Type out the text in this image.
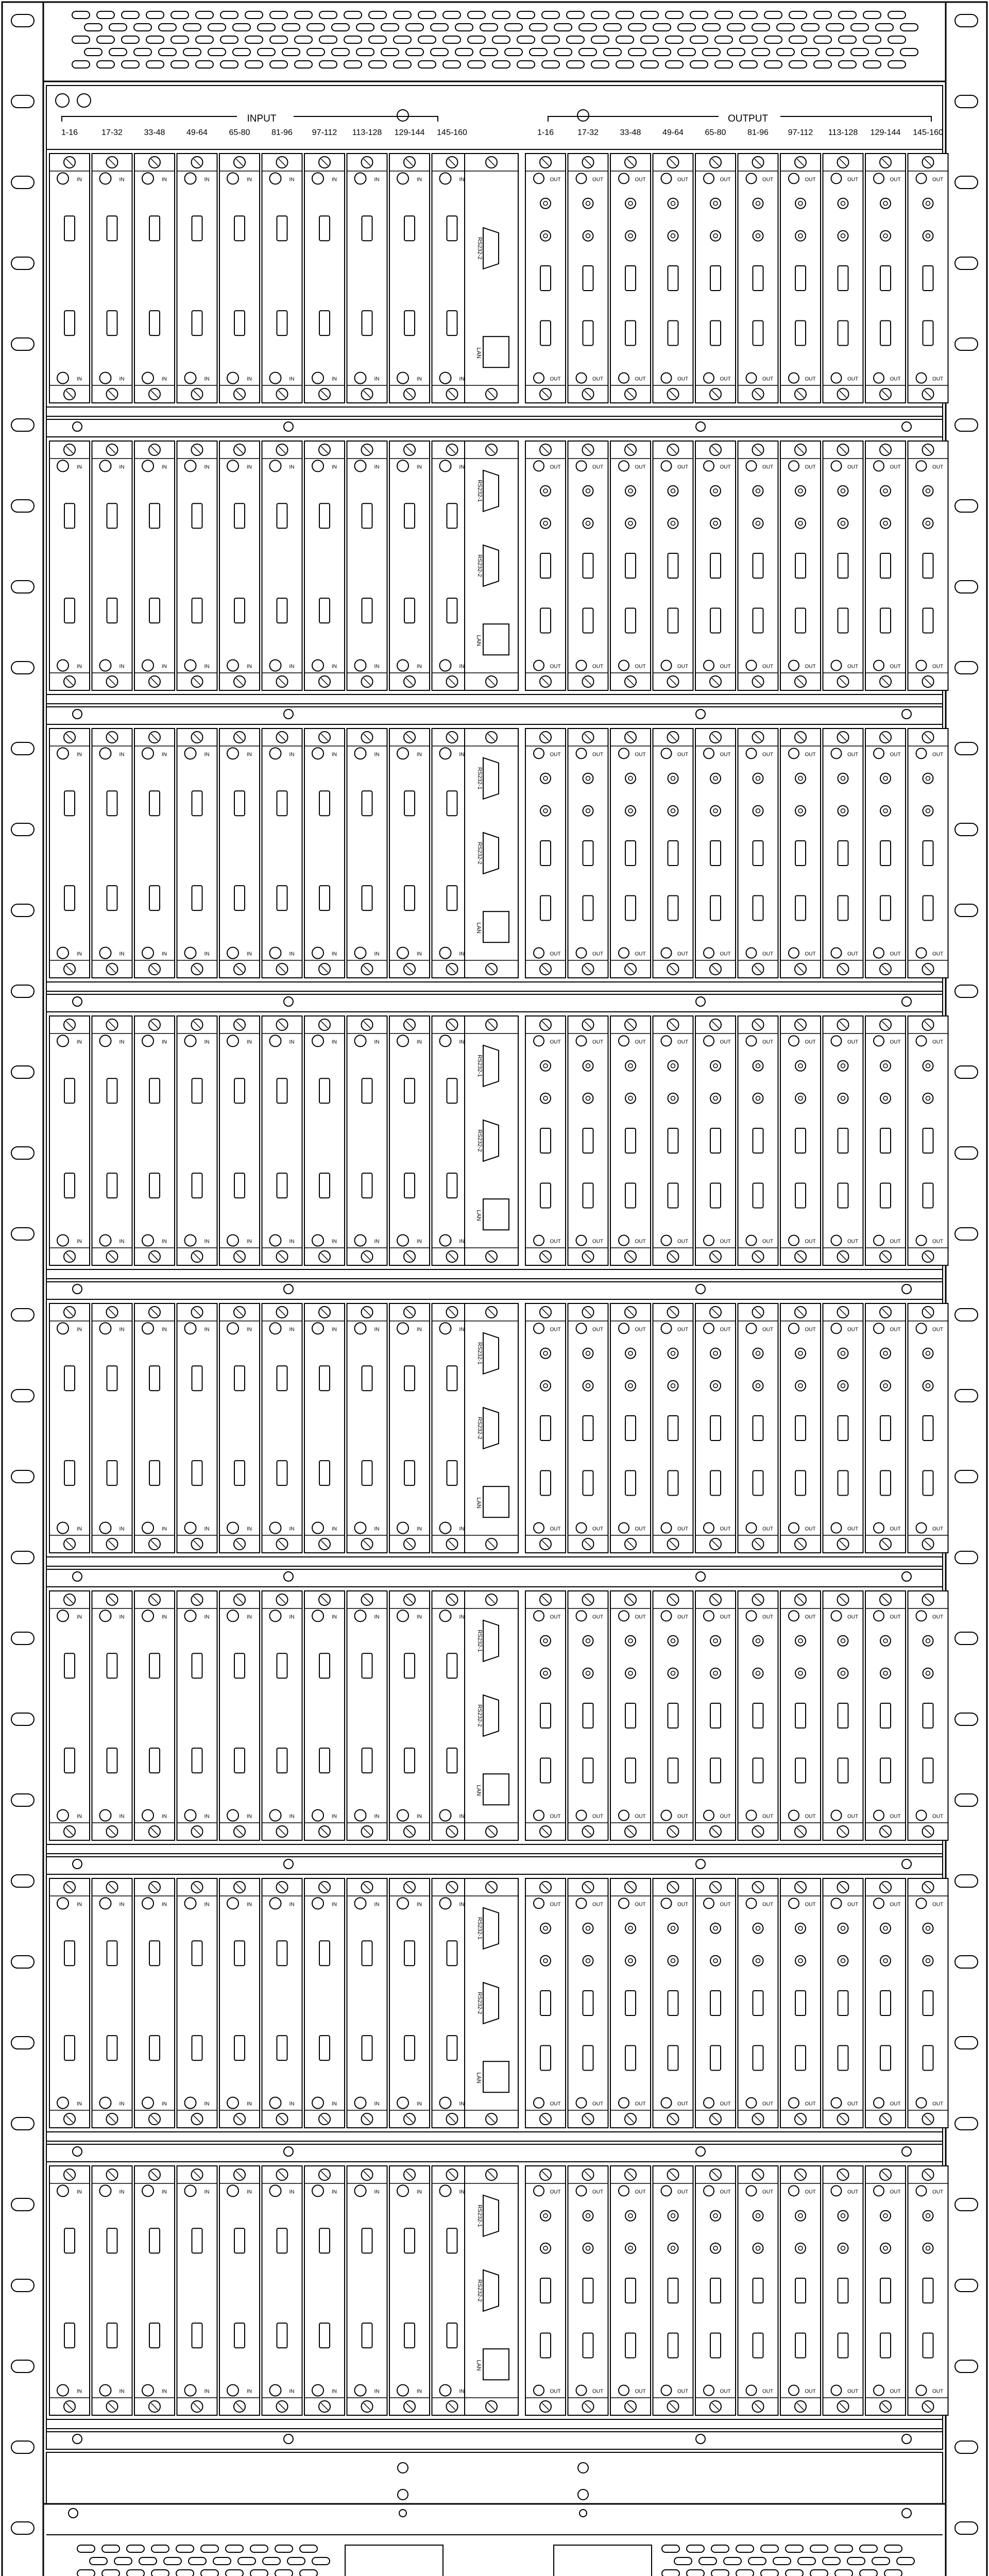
INPUT	OUTPUT
1-16	17-32	33-48	49-64	65-80	81-96 97-112 113-128 129-144 145-160	1-16	17-32	33-48	49-64	65-80	81-96 97-112 113-128 129-144 145-160
IN
IN
IN
IN
IN
IN
IN
IN
IN
IN
IN
IN
IN
IN
IN
IN
IN
IN
IN
IN
RS232-2
LAN
OUT
OUT
OUT
OUT
OUT
OUT
OUT
OUT
OUT
OUT
OUT
OUT
OUT
OUT
OUT
OUT
OUT
OUT
OUT
OUT
IN
IN
IN
IN
IN
IN
IN
IN
IN
IN
IN
IN
IN
IN
IN
IN
IN
IN
IN
IN
RS232-1
RS232-2
LAN
OUT
OUT
OUT
OUT
OUT
OUT
OUT
OUT
OUT
OUT
OUT
OUT
OUT
OUT
OUT
OUT
OUT
OUT
OUT
OUT
IN
IN
IN
IN
IN
IN
IN
IN
IN
IN
IN
IN
IN
IN
IN
IN
IN
IN
IN
IN
RS232-1
RS232-2
LAN
OUT
OUT
OUT
OUT
OUT
OUT
OUT
OUT
OUT
OUT
OUT
OUT
OUT
OUT
OUT
OUT
OUT
OUT
OUT
OUT
IN
IN
IN
IN
IN
IN
IN
IN
IN
IN
IN
IN
IN
IN
IN
IN
IN
IN
IN
IN
RS232-1
RS232-2
LAN
OUT
OUT
OUT
OUT
OUT
OUT
OUT
OUT
OUT
OUT
OUT
OUT
OUT
OUT
OUT
OUT
OUT
OUT
OUT
OUT
IN
IN
IN
IN
IN
IN
IN
IN
IN
IN
IN
IN
IN
IN
IN
IN
IN
IN
IN
IN
RS232-1
RS232-2
LAN
OUT
OUT
OUT
OUT
OUT
OUT
OUT
OUT
OUT
OUT
OUT
OUT
OUT
OUT
OUT
OUT
OUT
OUT
OUT
OUT
IN
IN
IN
IN
IN
IN
IN
IN
IN
IN
IN
IN
IN
IN
IN
IN
IN
IN
IN
IN
RS232-1
RS232-2
LAN
OUT
OUT
OUT
OUT
OUT
OUT
OUT
OUT
OUT
OUT
OUT
OUT
OUT
OUT
OUT
OUT
OUT
OUT
OUT
OUT
IN
IN
IN
IN
IN
IN
IN
IN
IN
IN
IN
IN
IN
IN
IN
IN
IN
IN
IN
IN
RS232-1
RS232-2
LAN
OUT
OUT
OUT
OUT
OUT
OUT
OUT
OUT
OUT
OUT
OUT
OUT
OUT
OUT
OUT
OUT
OUT
OUT
OUT
OUT
IN
IN
IN
IN
IN
IN
IN
IN
IN
IN
IN
IN
IN
IN
IN
IN
IN
IN
IN
IN
RS232-1
RS232-2
LAN
OUT
OUT
OUT
OUT
OUT
OUT
OUT
OUT
OUT
OUT
OUT
OUT
OUT
OUT
OUT
OUT
OUT
OUT
OUT
OUT
